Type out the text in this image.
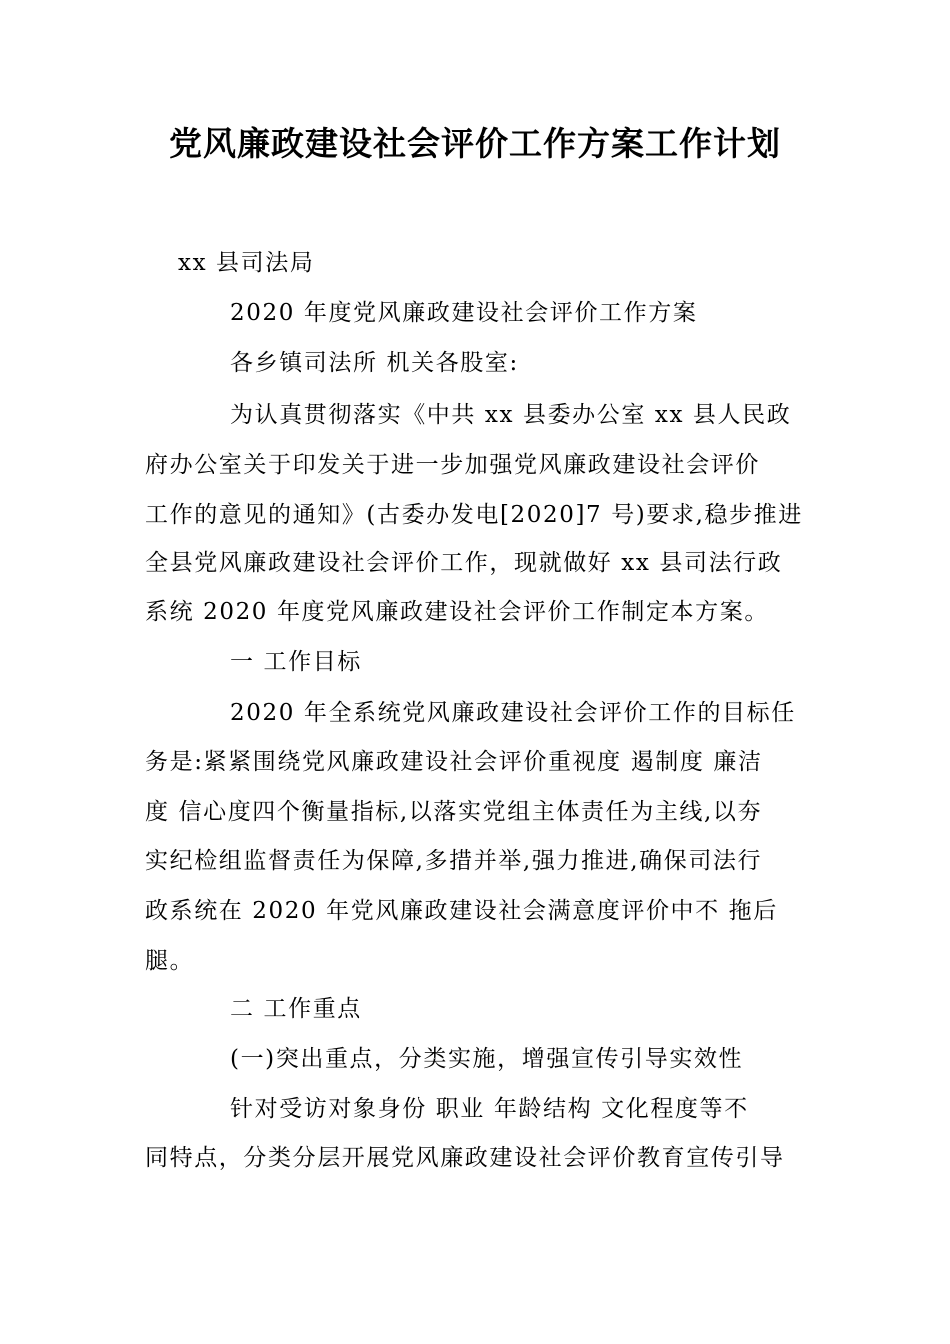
党风廉政建设社会评价工作方案工作计划
xx 县司法局
2020 年度党风廉政建设社会评价工作方案
各乡镇司法所 机关各股室:
为认真贯彻落实《中共 xx 县委办公室 xx 县人民政
府办公室关于印发关于进一步加强党风廉政建设社会评价
工作的意见的通知》(古委办发电[2020]7 号)要求,稳步推进
全县党风廉政建设社会评价工作，现就做好 xx 县司法行政
系统 2020 年度党风廉政建设社会评价工作制定本方案。
一 工作目标
2020 年全系统党风廉政建设社会评价工作的目标任
务是:紧紧围绕党风廉政建设社会评价重视度 遏制度 廉洁
度 信心度四个衡量指标,以落实党组主体责任为主线,以夯
实纪检组监督责任为保障,多措并举,强力推进,确保司法行
政系统在 2020 年党风廉政建设社会满意度评价中不 拖后
腿。
二 工作重点
(一)突出重点，分类实施，增强宣传引导实效性
针对受访对象身份 职业 年龄结构 文化程度等不
同特点，分类分层开展党风廉政建设社会评价教育宣传引导
